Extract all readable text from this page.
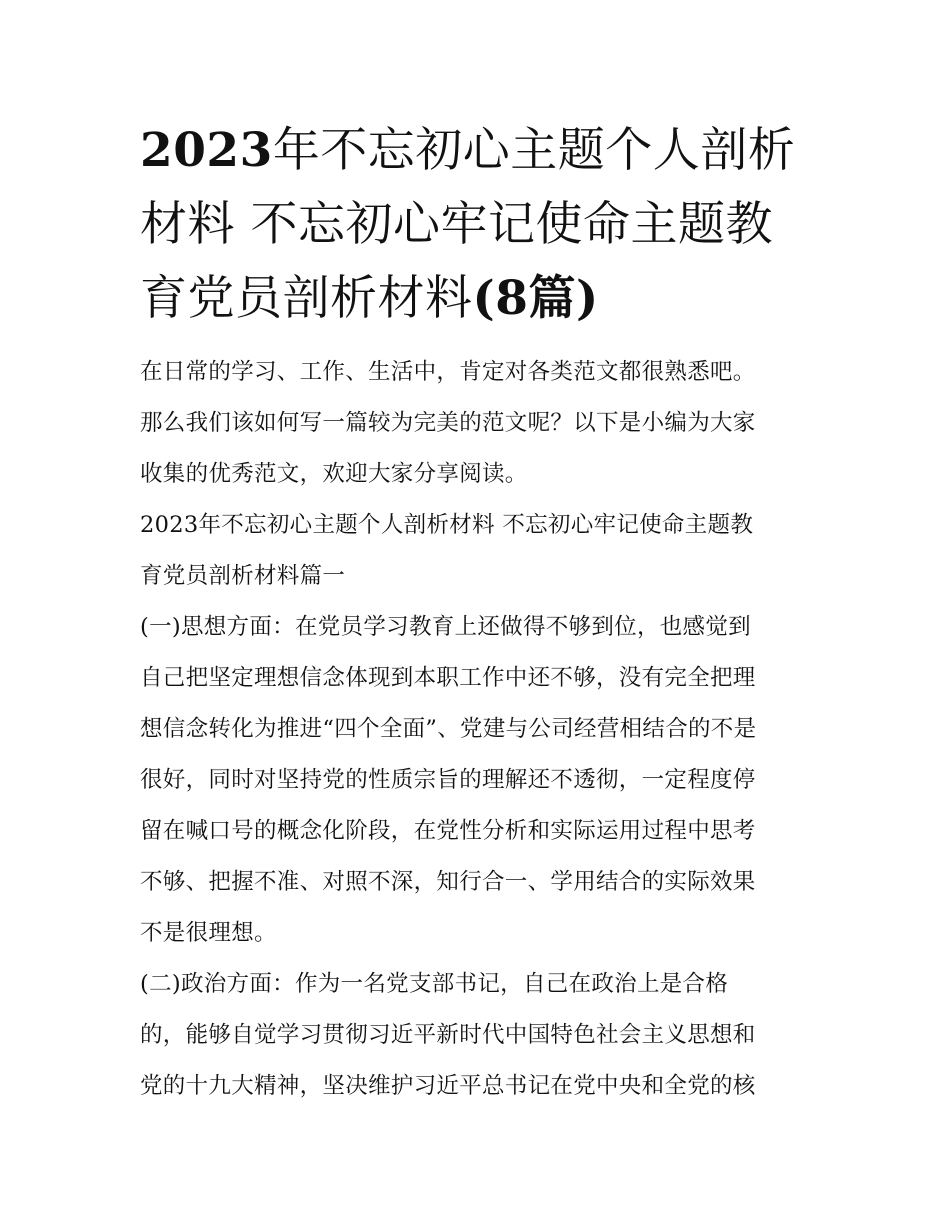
2023年不忘初心主题个人剖析
材料 不忘初心牢记使命主题教
育党员剖析材料(8篇)

在日常的学习、工作、生活中，肯定对各类范文都很熟悉吧。

那么我们该如何写一篇较为完美的范文呢？以下是小编为大家

收集的优秀范文，欢迎大家分享阅读。

2023年不忘初心主题个人剖析材料 不忘初心牢记使命主题教

育党员剖析材料篇一

(一)思想方面：在党员学习教育上还做得不够到位，也感觉到

自己把坚定理想信念体现到本职工作中还不够，没有完全把理

想信念转化为推进“四个全面”、党建与公司经营相结合的不是

很好，同时对坚持党的性质宗旨的理解还不透彻，一定程度停

留在喊口号的概念化阶段，在党性分析和实际运用过程中思考

不够、把握不准、对照不深，知行合一、学用结合的实际效果

不是很理想。

(二)政治方面：作为一名党支部书记，自己在政治上是合格

的，能够自觉学习贯彻习近平新时代中国特色社会主义思想和

党的十九大精神，坚决维护习近平总书记在党中央和全党的核
